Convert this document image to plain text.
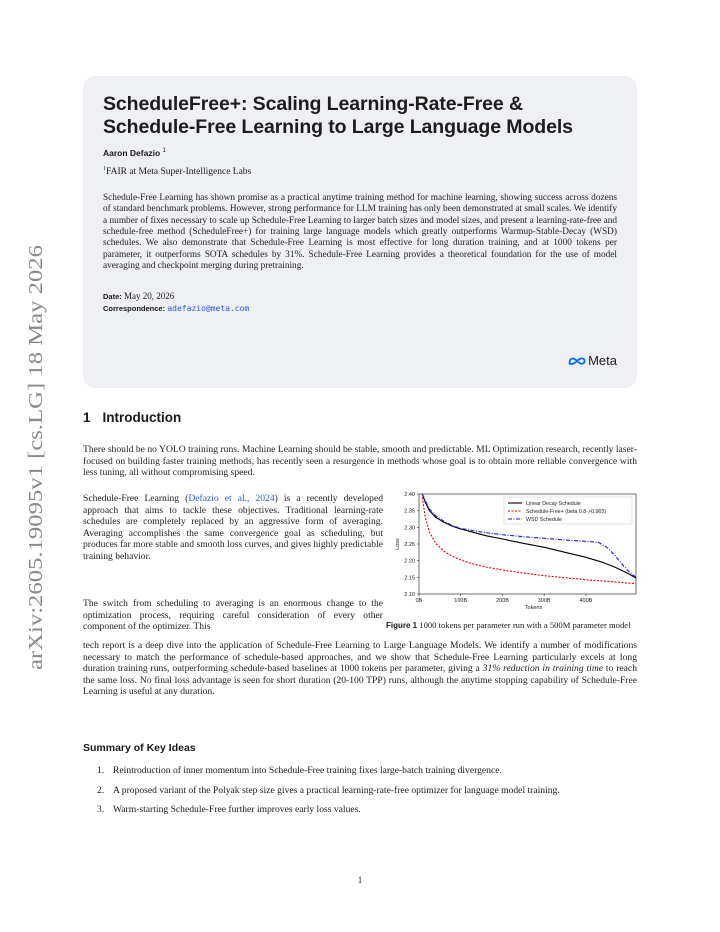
arXiv:2605.19095v1 [cs.LG] 18 May 2026
ScheduleFree+: Scaling Learning-Rate-Free & Schedule-Free Learning to Large Language Models
Aaron Defazio $^1$
$^1$FAIR at Meta Super-Intelligence Labs

Schedule-Free Learning has shown promise as a practical anytime training method for machine learning, showing success across dozens of standard benchmark problems. However, strong performance for LLM training has only been demonstrated at small scales. We identify a number of fixes necessary to scale up Schedule-Free Learning to larger batch sizes and model sizes, and present a learning-rate-free and schedule-free method (ScheduleFree+) for training large language models which greatly outperforms Warmup-Stable-Decay (WSD) schedules. We also demonstrate that Schedule-Free Learning is most effective for long duration training, and at 1000 tokens per parameter, it outperforms SOTA schedules by 31%. Schedule-Free Learning provides a theoretical foundation for the use of model averaging and checkpoint merging during pretraining.

Date: May 20, 2026
Correspondence: adefazio@meta.com
Meta
1 Introduction

There should be no YOLO training runs. Machine Learning should be stable, smooth and predictable. ML Optimization research, recently laser-focused on building faster training methods, has recently seen a resurgence in methods whose goal is to obtain more reliable convergence with less tuning, all without compromising speed.

Schedule-Free Learning (Defazio et al., 2024) is a recently developed approach that aims to tackle these objectives. Traditional learning-rate schedules are completely replaced by an aggressive form of averaging. Averaging accomplishes the same convergence goal as scheduling, but produces far more stable and smooth loss curves, and gives highly predictable training behavior.

The switch from scheduling to averaging is an enormous change to the optimization process, requiring careful consideration of every other component of the optimizer. This

tech report is a deep dive into the application of Schedule-Free Learning to Large Language Models. We identify a number of modifications necessary to match the performance of schedule-based approaches, and we show that Schedule-Free Learning particularly excels at long duration training runs, outperforming schedule-based baselines at 1000 tokens per parameter, giving a 31% reduction in training time to reach the same loss. No final loss advantage is seen for short duration (20-100 TPP) runs, although the anytime stopping capability of Schedule-Free Learning is useful at any duration.

2.10
2.15
2.20
2.25
2.30
2.35
2.40
0B	100B	200B	300B	400B
Tokens
Loss
Linear Decay Schedule
Schedule-Free+ (beta 0.8->0.965)
WSD Schedule
Figure 1 1000 tokens per parameter run with a 500M parameter model
Summary of Key Ideas
1. Reintroduction of inner momentum into Schedule-Free training fixes large-batch training divergence.
2. A proposed variant of the Polyak step size gives a practical learning-rate-free optimizer for language model training.
3. Warm-starting Schedule-Free further improves early loss values.
1
